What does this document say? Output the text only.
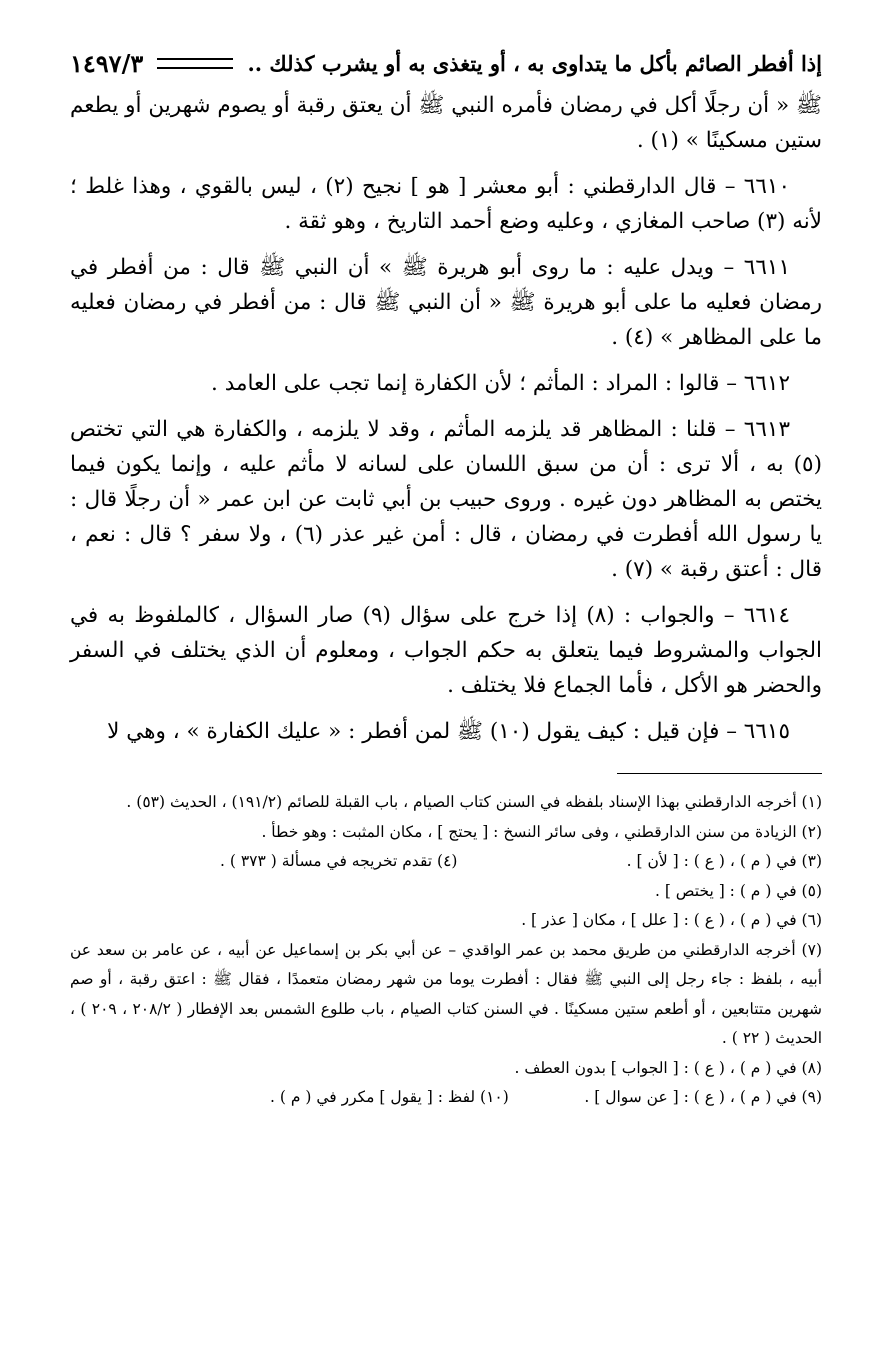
إذا أفطر الصائم بأكل ما يتداوى به ، أو يتغذى به أو يشرب كذلك ..
١٤٩٧/٣

ﷺ « أن رجلًا أكل في رمضان فأمره النبي ﷺ أن يعتق رقبة أو يصوم شهرين أو يطعم ستين مسكينًا » (١) .

٦٦١٠ – قال الدارقطني : أبو معشر [ هو ] نجيح (٢) ، ليس بالقوي ، وهذا غلط ؛ لأنه (٣) صاحب المغازي ، وعليه وضع أحمد التاريخ ، وهو ثقة .

٦٦١١ – ويدل عليه : ما روى أبو هريرة ﷺ » أن النبي ﷺ قال : من أفطر في رمضان فعليه ما على أبو هريرة ﷺ « أن النبي ﷺ قال : من أفطر في رمضان فعليه ما على المظاهر » (٤) .

٦٦١٢ – قالوا : المراد : المأثم ؛ لأن الكفارة إنما تجب على العامد .

٦٦١٣ – قلنا : المظاهر قد يلزمه المأثم ، وقد لا يلزمه ، والكفارة هي التي تختص (٥) به ، ألا ترى : أن من سبق اللسان على لسانه لا مأثم عليه ، وإنما يكون فيما يختص به المظاهر دون غيره . وروى حبيب بن أبي ثابت عن ابن عمر « أن رجلًا قال : يا رسول الله أفطرت في رمضان ، قال : أمن غير عذر (٦) ، ولا سفر ؟ قال : نعم ، قال : أعتق رقبة » (٧) .

٦٦١٤ – والجواب : (٨) إذا خرج على سؤال (٩) صار السؤال ، كالملفوظ به في الجواب والمشروط فيما يتعلق به حكم الجواب ، ومعلوم أن الذي يختلف في السفر والحضر هو الأكل ، فأما الجماع فلا يختلف .

٦٦١٥ – فإن قيل : كيف يقول (١٠) ﷺ لمن أفطر : « عليك الكفارة » ، وهي لا

(١) أخرجه الدارقطني بهذا الإسناد بلفظه في السنن كتاب الصيام ، باب القبلة للصائم (١٩١/٢) ، الحديث (٥٣) .

(٢) الزيادة من سنن الدارقطني ، وفى سائر النسخ : [ يحتج ] ، مكان المثبت : وهو خطأ .

(٣) في ( م ) ، ( ع ) : [ لأن ] .
(٤) تقدم تخريجه في مسألة ( ٣٧٣ ) .

(٥) في ( م ) : [ يختص ] .

(٦) في ( م ) ، ( ع ) : [ علل ] ، مكان [ عذر ] .

(٧) أخرجه الدارقطني من طريق محمد بن عمر الواقدي – عن أبي بكر بن إسماعيل عن أبيه ، عن عامر بن سعد عن أبيه ، بلفظ : جاء رجل إلى النبي ﷺ فقال : أفطرت يوما من شهر رمضان متعمدًا ، فقال ﷺ : اعتق رقبة ، أو صم شهرين متتابعين ، أو أطعم ستين مسكينًا . في السنن كتاب الصيام ، باب طلوع الشمس بعد الإفطار ( ٢٠٨/٢ ، ٢٠٩ ) ، الحديث ( ٢٢ ) .

(٨) في ( م ) ، ( ع ) : [ الجواب ] بدون العطف .

(٩) في ( م ) ، ( ع ) : [ عن سوال ] .
(١٠) لفظ : [ يقول ] مكرر في ( م ) .
